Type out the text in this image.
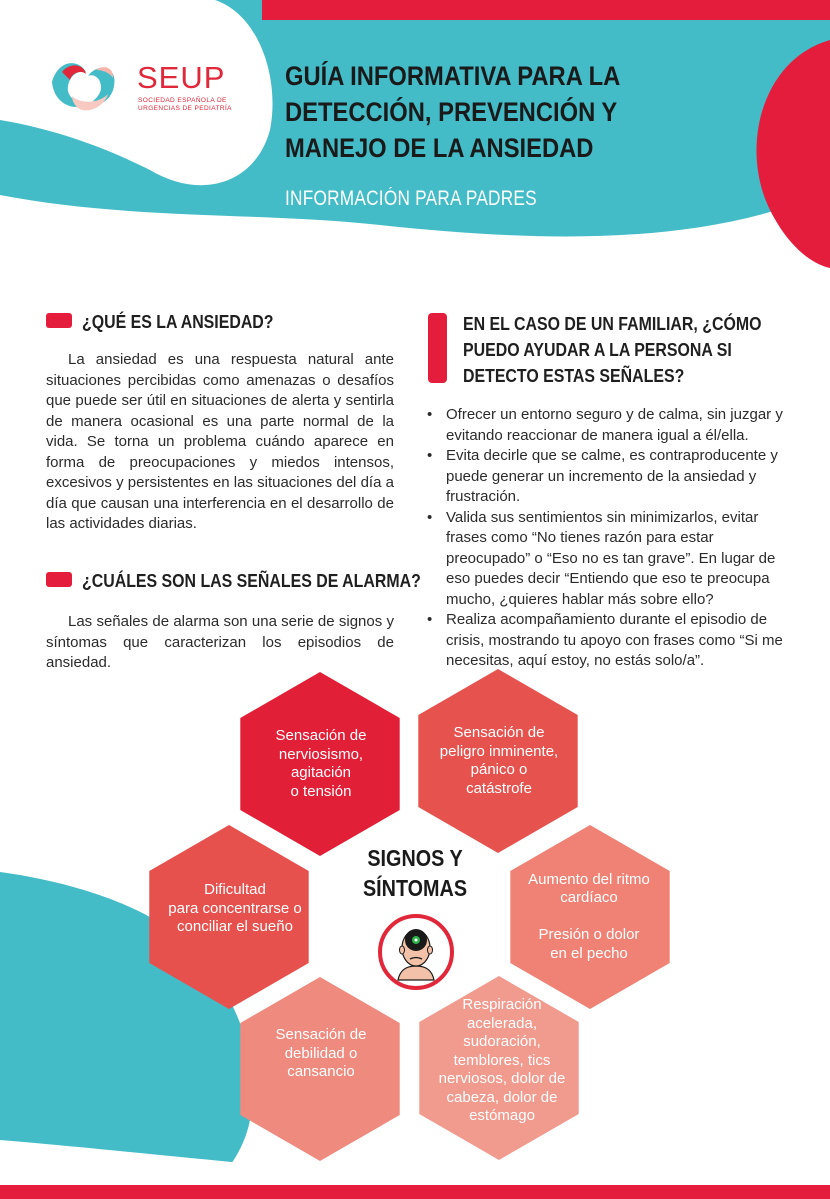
SEUP
SOCIEDAD ESPAÑOLA DE URGENCIAS DE PEDIATRÍA
GUÍA INFORMATIVA PARA LA DETECCIÓN, PREVENCIÓN Y MANEJO DE LA ANSIEDAD
INFORMACIÓN PARA PADRES
¿QUÉ ES LA ANSIEDAD?

La ansiedad es una respuesta natural ante situaciones percibidas como amenazas o desafíos que puede ser útil en situaciones de alerta y sentirla de manera ocasional es una parte normal de la vida. Se torna un problema cuándo aparece en forma de preocupaciones y miedos intensos, excesivos y persistentes en las situaciones del día a día que causan una interferencia en el desarrollo de las actividades diarias.

¿CUÁLES SON LAS SEÑALES DE ALARMA?

Las señales de alarma son una serie de signos y síntomas que caracterizan los episodios de ansiedad.

EN EL CASO DE UN FAMILIAR, ¿CÓMO PUEDO AYUDAR A LA PERSONA SI DETECTO ESTAS SEÑALES?
• Ofrecer un entorno seguro y de calma, sin juzgar y evitando reaccionar de manera igual a él/ella.
• Evita decirle que se calme, es contraproducente y puede generar un incremento de la ansiedad y frustración.
• Valida sus sentimientos sin minimizarlos, evitar frases como “No tienes razón para estar preocupado” o “Eso no es tan grave”. En lugar de eso puedes decir “Entiendo que eso te preocupa mucho, ¿quieres hablar más sobre ello?
• Realiza acompañamiento durante el episodio de crisis, mostrando tu apoyo con frases como “Si me necesitas, aquí estoy, no estás solo/a”.
Sensación de
nerviosismo,
agitación
o tensión
Sensación de
peligro inminente,
pánico o
catástrofe
Aumento del ritmo
cardíaco

Presión o dolor
en el pecho
Respiración
acelerada,
sudoración,
temblores, tics
nerviosos, dolor de
cabeza, dolor de
estómago
Sensación de
debilidad o
cansancio
Dificultad
para concentrarse o
conciliar el sueño
SIGNOS Y SÍNTOMAS
